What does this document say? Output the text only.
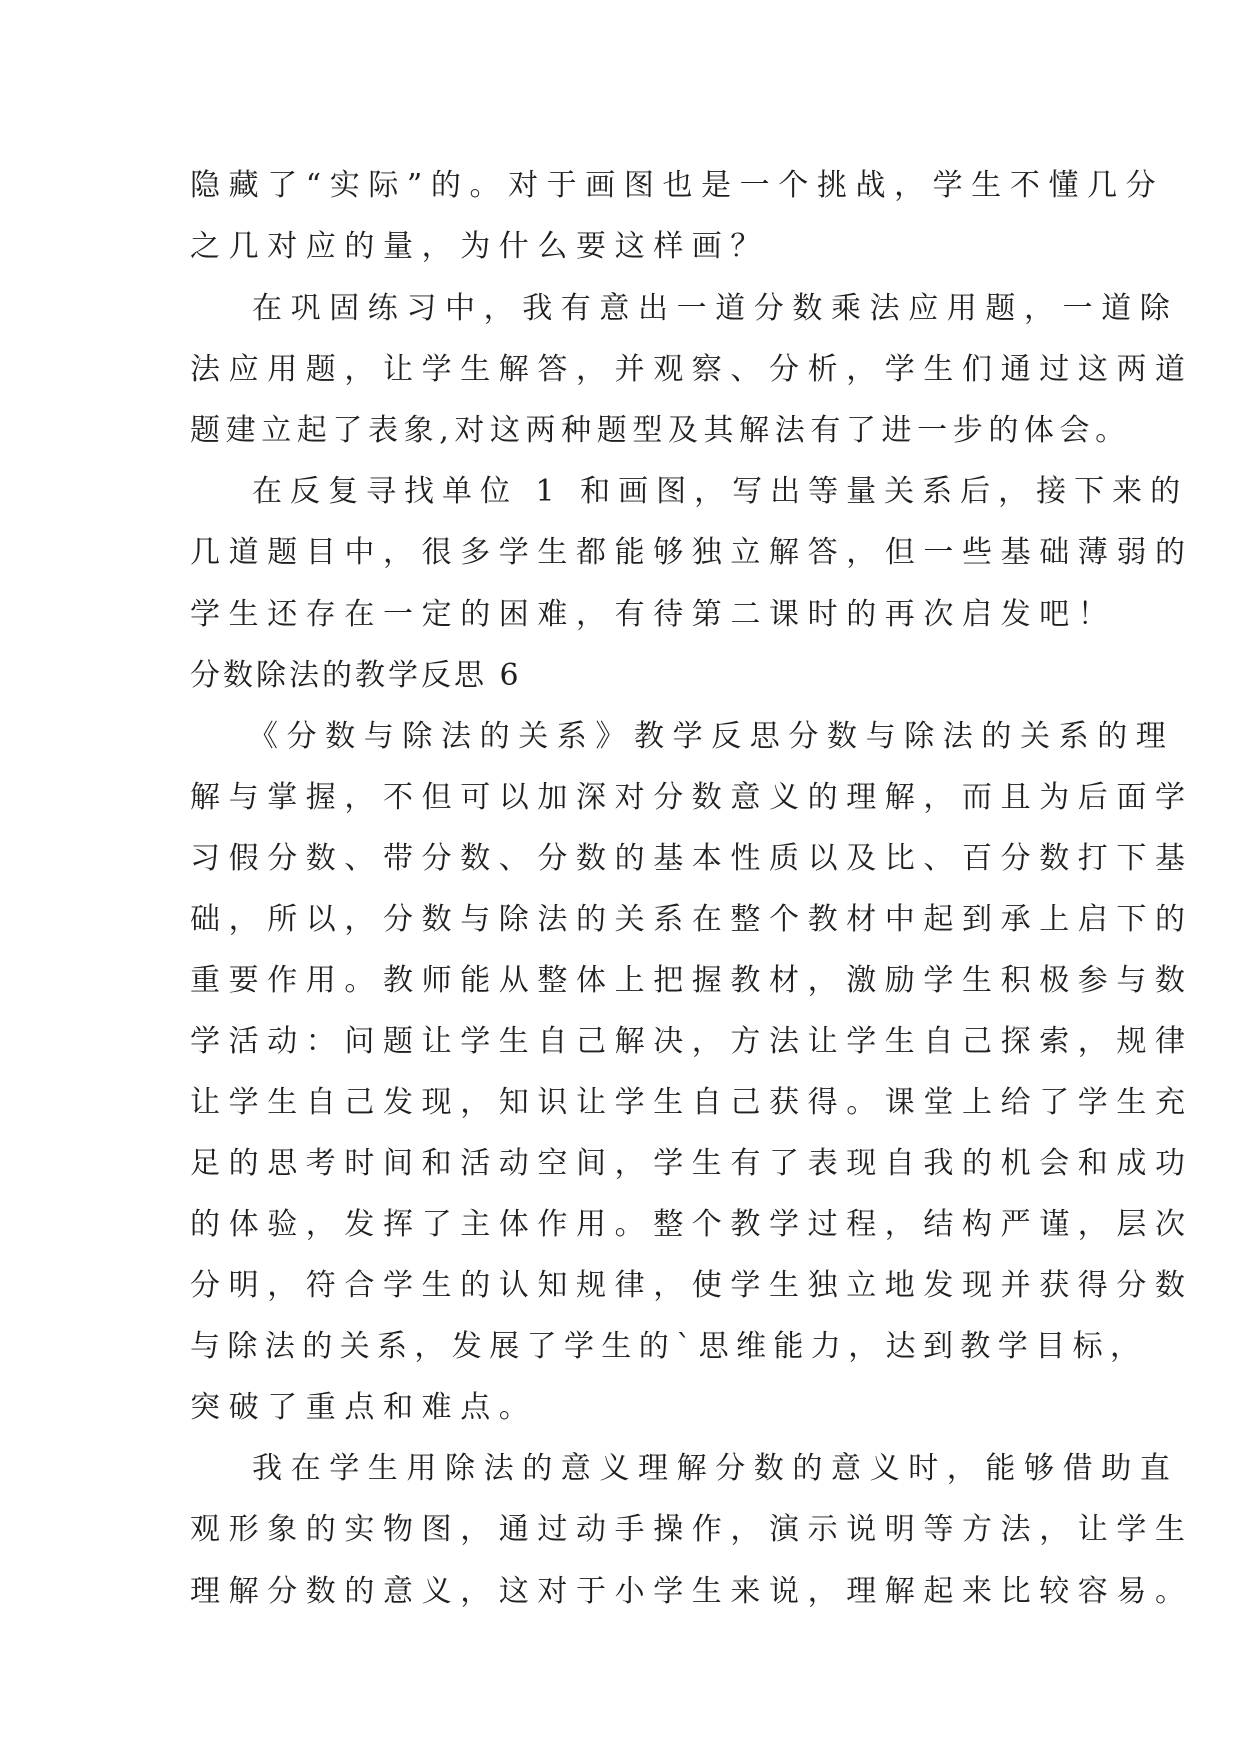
隐藏了“实际”的。对于画图也是一个挑战，学生不懂几分

之几对应的量，为什么要这样画？

在巩固练习中，我有意出一道分数乘法应用题，一道除

法应用题，让学生解答，并观察、分析，学生们通过这两道

题建立起了表象,对这两种题型及其解法有了进一步的体会。

在反复寻找单位 1 和画图，写出等量关系后，接下来的

几道题目中，很多学生都能够独立解答，但一些基础薄弱的

学生还存在一定的困难，有待第二课时的再次启发吧！

分数除法的教学反思 6

《分数与除法的关系》教学反思分数与除法的关系的理

解与掌握，不但可以加深对分数意义的理解，而且为后面学

习假分数、带分数、分数的基本性质以及比、百分数打下基

础，所以，分数与除法的关系在整个教材中起到承上启下的

重要作用。教师能从整体上把握教材，激励学生积极参与数

学活动：问题让学生自己解决，方法让学生自己探索，规律

让学生自己发现，知识让学生自己获得。课堂上给了学生充

足的思考时间和活动空间，学生有了表现自我的机会和成功

的体验，发挥了主体作用。整个教学过程，结构严谨，层次

分明，符合学生的认知规律，使学生独立地发现并获得分数

与除法的关系，发展了学生的`思维能力，达到教学目标，

突破了重点和难点。

我在学生用除法的意义理解分数的意义时，能够借助直

观形象的实物图，通过动手操作，演示说明等方法，让学生

理解分数的意义，这对于小学生来说，理解起来比较容易。
